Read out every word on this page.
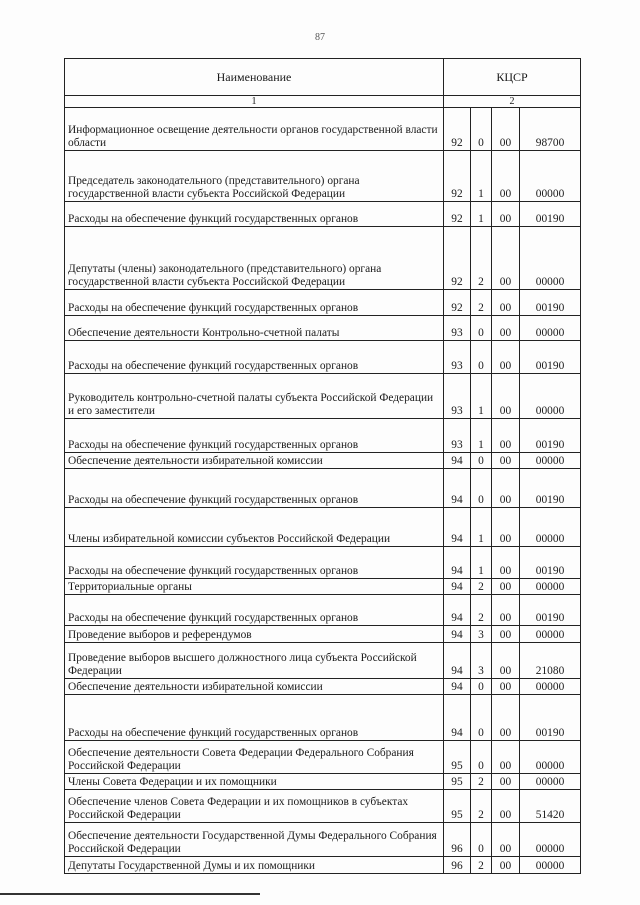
87
Наименование	КЦСР			
1	2			
Информационное освещение деятельности органов государственной власти области	92	0	00	98700
Председатель законодательного (представительного) органа государственной власти субъекта Российской Федерации	92	1	00	00000
Расходы на обеспечение функций государственных органов	92	1	00	00190
Депутаты (члены) законодательного (представительного) органа государственной власти субъекта Российской Федерации	92	2	00	00000
Расходы на обеспечение функций государственных органов	92	2	00	00190
Обеспечение деятельности Контрольно-счетной палаты	93	0	00	00000
Расходы на обеспечение функций государственных органов	93	0	00	00190
Руководитель контрольно-счетной палаты субъекта Российской Федерации и его заместители	93	1	00	00000
Расходы на обеспечение функций государственных органов	93	1	00	00190
Обеспечение деятельности избирательной комиссии	94	0	00	00000
Расходы на обеспечение функций государственных органов	94	0	00	00190
Члены избирательной комиссии субъектов Российской Федерации	94	1	00	00000
Расходы на обеспечение функций государственных органов	94	1	00	00190
Территориальные органы	94	2	00	00000
Расходы на обеспечение функций государственных органов	94	2	00	00190
Проведение выборов и референдумов	94	3	00	00000
Проведение выборов высшего должностного лица субъекта Российской Федерации	94	3	00	21080
Обеспечение деятельности избирательной комиссии	94	0	00	00000
Расходы на обеспечение функций государственных органов	94	0	00	00190
Обеспечение деятельности Совета Федерации Федерального Собрания Российской Федерации	95	0	00	00000
Члены Совета Федерации и их помощники	95	2	00	00000
Обеспечение членов Совета Федерации и их помощников в субъектах Российской Федерации	95	2	00	51420
Обеспечение деятельности Государственной Думы Федерального Собрания Российской Федерации	96	0	00	00000
Депутаты Государственной Думы и их помощники	96	2	00	00000
